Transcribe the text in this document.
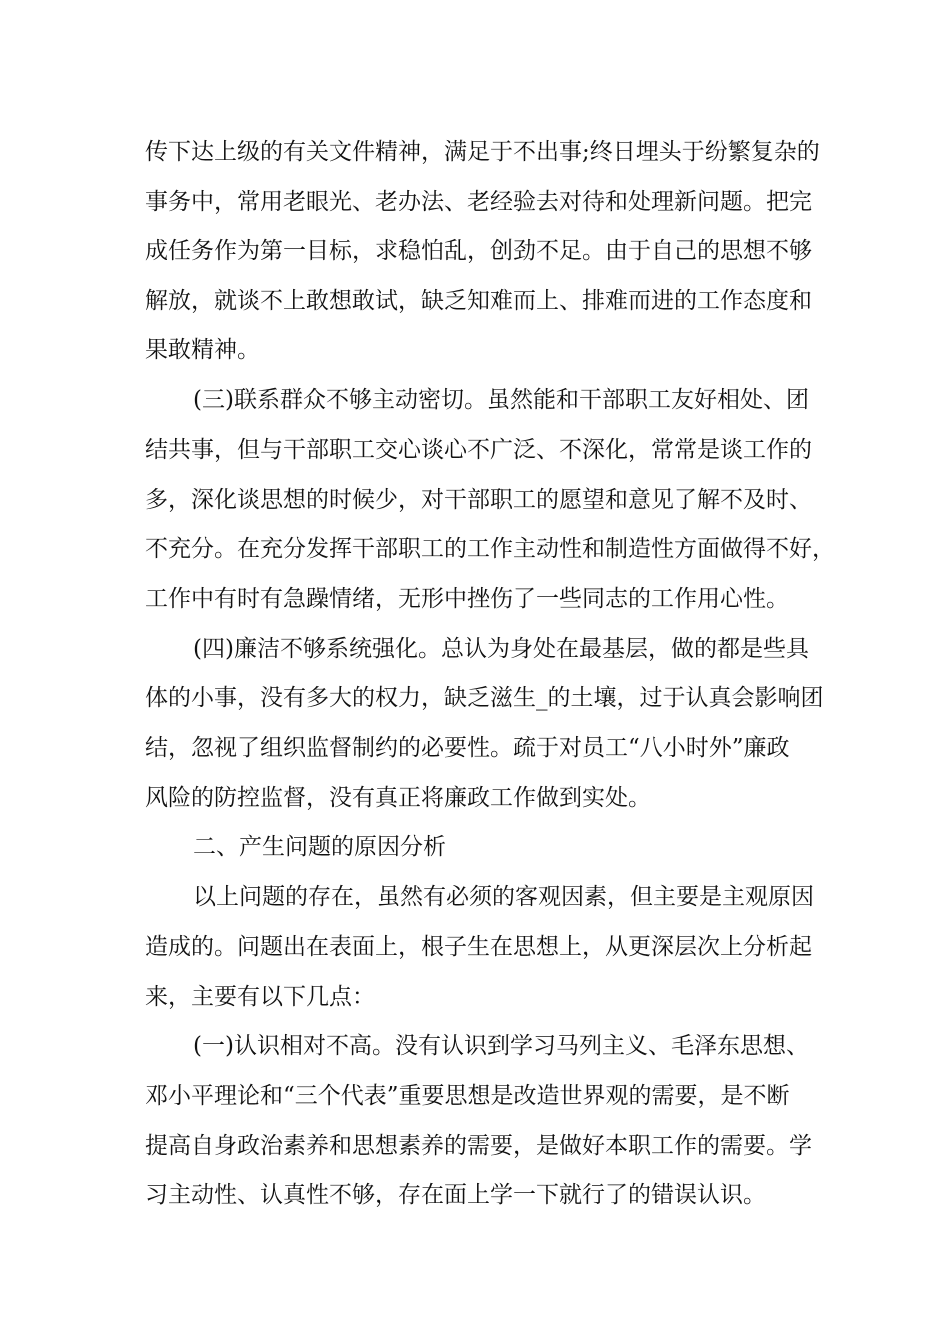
传下达上级的有关文件精神，满足于不出事;终日埋头于纷繁复杂的
事务中，常用老眼光、老办法、老经验去对待和处理新问题。把完
成任务作为第一目标，求稳怕乱，创劲不足。由于自己的思想不够
解放，就谈不上敢想敢试，缺乏知难而上、排难而进的工作态度和
果敢精神。
(三)联系群众不够主动密切。虽然能和干部职工友好相处、团
结共事，但与干部职工交心谈心不广泛、不深化，常常是谈工作的
多，深化谈思想的时候少，对干部职工的愿望和意见了解不及时、
不充分。在充分发挥干部职工的工作主动性和制造性方面做得不好，
工作中有时有急躁情绪，无形中挫伤了一些同志的工作用心性。
(四)廉洁不够系统强化。总认为身处在最基层，做的都是些具
体的小事，没有多大的权力，缺乏滋生_的土壤，过于认真会影响团
结，忽视了组织监督制约的必要性。疏于对员工“八小时外”廉政
风险的防控监督，没有真正将廉政工作做到实处。
二、产生问题的原因分析
以上问题的存在，虽然有必须的客观因素，但主要是主观原因
造成的。问题出在表面上，根子生在思想上，从更深层次上分析起
来，主要有以下几点：
(一)认识相对不高。没有认识到学习马列主义、毛泽东思想、
邓小平理论和“三个代表”重要思想是改造世界观的需要，是不断
提高自身政治素养和思想素养的需要，是做好本职工作的需要。学
习主动性、认真性不够，存在面上学一下就行了的错误认识。
